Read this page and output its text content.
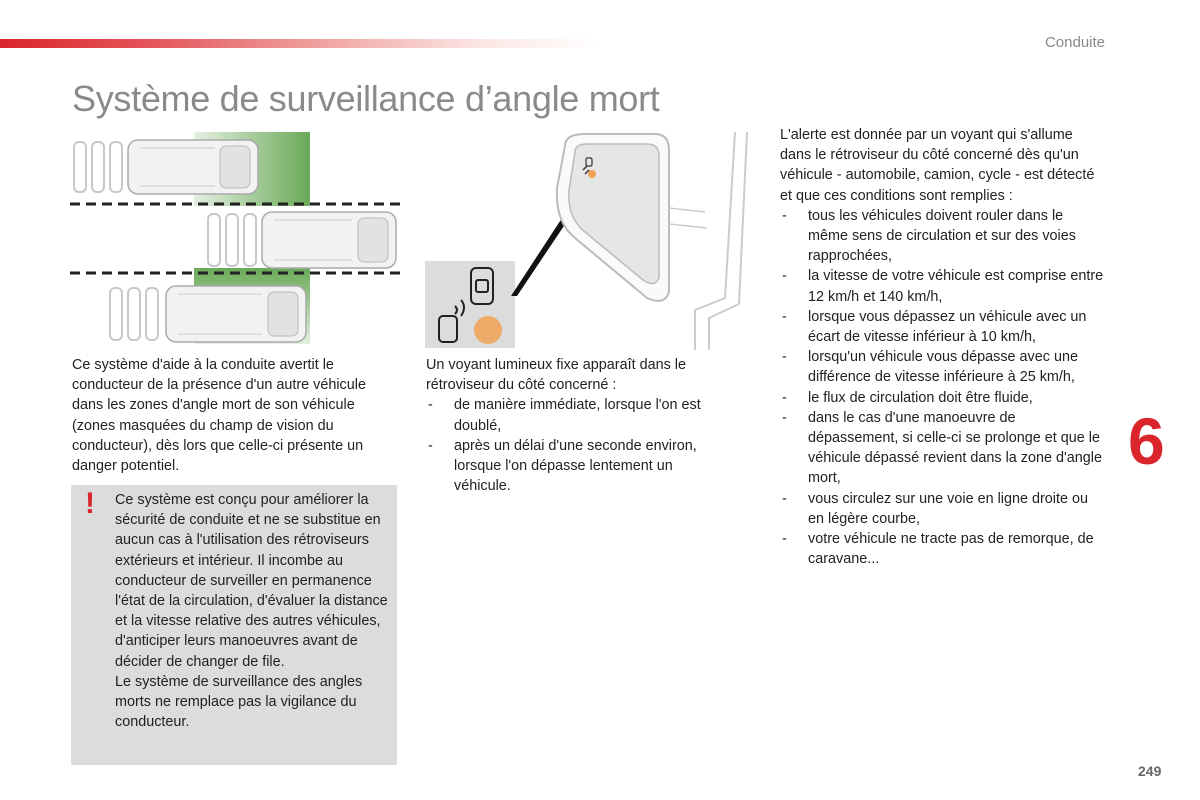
Conduite
Système de surveillance d’angle mort

Ce système d'aide à la conduite avertit le conducteur de la présence d'un autre véhicule dans les zones d'angle mort de son véhicule (zones masquées du champ de vision du conducteur), dès lors que celle-ci présente un danger potentiel.

! Ce système est conçu pour améliorer la sécurité de conduite et ne se substitue en aucun cas à l'utilisation des rétroviseurs extérieurs et intérieur. Il incombe au conducteur de surveiller en permanence l'état de la circulation, d'évaluer la distance et la vitesse relative des autres véhicules, d'anticiper leurs manoeuvres avant de décider de changer de file.

Le système de surveillance des angles morts ne remplace pas la vigilance du conducteur.

Un voyant lumineux fixe apparaît dans le rétroviseur du côté concerné :

- de manière immédiate, lorsque l'on est doublé,
- après un délai d'une seconde environ, lorsque l'on dépasse lentement un véhicule.

L'alerte est donnée par un voyant qui s'allume dans le rétroviseur du côté concerné dès qu'un véhicule - automobile, camion, cycle - est détecté et que ces conditions sont remplies :

- tous les véhicules doivent rouler dans le même sens de circulation et sur des voies rapprochées,
- la vitesse de votre véhicule est comprise entre 12 km/h et 140 km/h,
- lorsque vous dépassez un véhicule avec un écart de vitesse inférieur à 10 km/h,
- lorsqu'un véhicule vous dépasse avec une différence de vitesse inférieure à 25 km/h,
- le flux de circulation doit être fluide,
- dans le cas d'une manoeuvre de dépassement, si celle-ci se prolonge et que le véhicule dépassé revient dans la zone d'angle mort,
- vous circulez sur une voie en ligne droite ou en légère courbe,
- votre véhicule ne tracte pas de remorque, de caravane...
6
249
